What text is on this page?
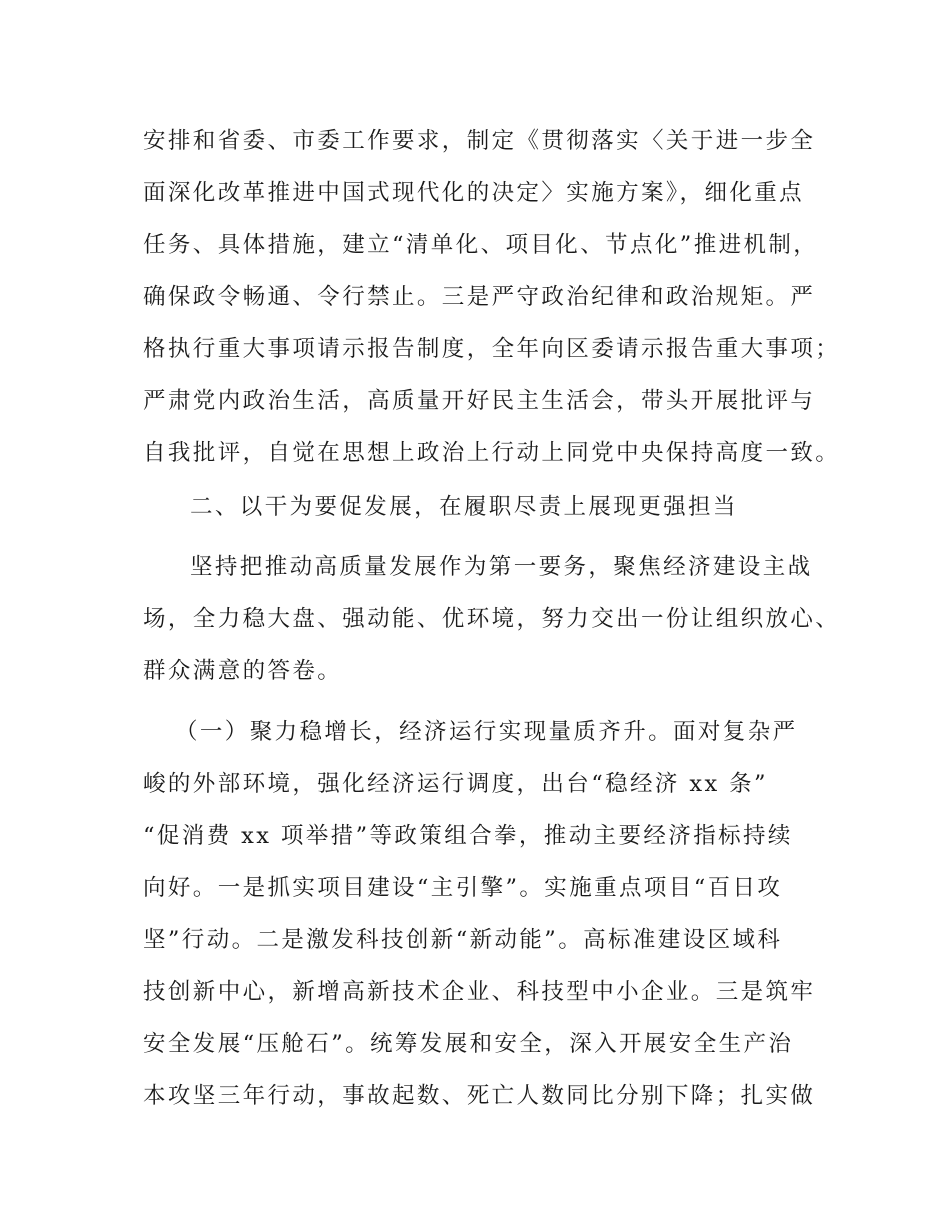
安排和省委、市委工作要求，制定《贯彻落实〈关于进一步全
面深化改革推进中国式现代化的决定〉实施方案》，细化重点
任务、具体措施，建立“清单化、项目化、节点化”推进机制，
确保政令畅通、令行禁止。三是严守政治纪律和政治规矩。严
格执行重大事项请示报告制度，全年向区委请示报告重大事项；
严肃党内政治生活，高质量开好民主生活会，带头开展批评与
自我批评，自觉在思想上政治上行动上同党中央保持高度一致。
二、以干为要促发展，在履职尽责上展现更强担当
坚持把推动高质量发展作为第一要务，聚焦经济建设主战
场，全力稳大盘、强动能、优环境，努力交出一份让组织放心、
群众满意的答卷。
（一）聚力稳增长，经济运行实现量质齐升。面对复杂严
峻的外部环境，强化经济运行调度，出台“稳经济 xx 条”
“促消费 xx 项举措”等政策组合拳，推动主要经济指标持续
向好。一是抓实项目建设“主引擎”。实施重点项目“百日攻
坚”行动。二是激发科技创新“新动能”。高标准建设区域科
技创新中心，新增高新技术企业、科技型中小企业。三是筑牢
安全发展“压舱石”。统筹发展和安全，深入开展安全生产治
本攻坚三年行动，事故起数、死亡人数同比分别下降；扎实做
